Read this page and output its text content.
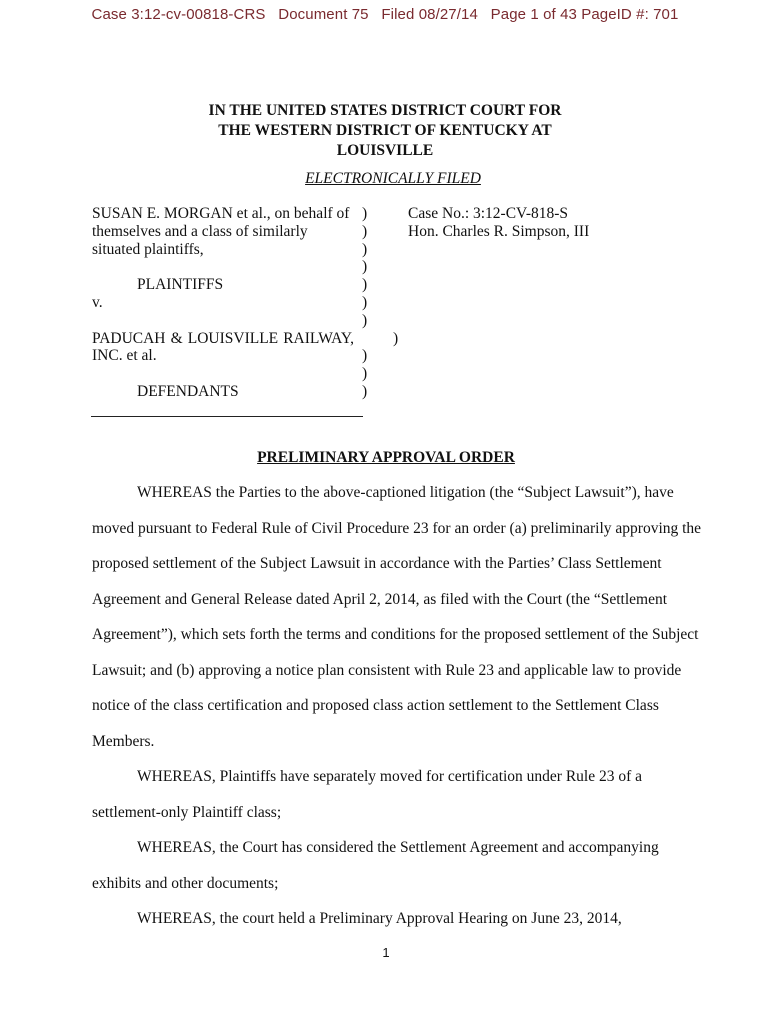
Case 3:12-cv-00818-CRS   Document 75   Filed 08/27/14   Page 1 of 43 PageID #: 701
IN THE UNITED STATES DISTRICT COURT FOR
THE WESTERN DISTRICT OF KENTUCKY AT
LOUISVILLE
ELECTRONICALLY FILED
SUSAN E. MORGAN et al., on behalf of
themselves and a class of similarly
situated plaintiffs,
PLAINTIFFS
v.
PADUCAH & LOUISVILLE RAILWAY,
INC. et al.
DEFENDANTS
)
)
)
)
)
)
)
)
)
)
)
Case No.: 3:12-CV-818-S
Hon. Charles R. Simpson, III
PRELIMINARY APPROVAL ORDER
WHEREAS the Parties to the above-captioned litigation (the “Subject Lawsuit”), have
moved pursuant to Federal Rule of Civil Procedure 23 for an order (a) preliminarily approving the
proposed settlement of the Subject Lawsuit in accordance with the Parties’ Class Settlement
Agreement and General Release dated April 2, 2014, as filed with the Court (the “Settlement
Agreement”), which sets forth the terms and conditions for the proposed settlement of the Subject
Lawsuit; and (b) approving a notice plan consistent with Rule 23 and applicable law to provide
notice of the class certification and proposed class action settlement to the Settlement Class
Members.
WHEREAS, Plaintiffs have separately moved for certification under Rule 23 of a
settlement-only Plaintiff class;
WHEREAS, the Court has considered the Settlement Agreement and accompanying
exhibits and other documents;
WHEREAS, the court held a Preliminary Approval Hearing on June 23, 2014,
1
